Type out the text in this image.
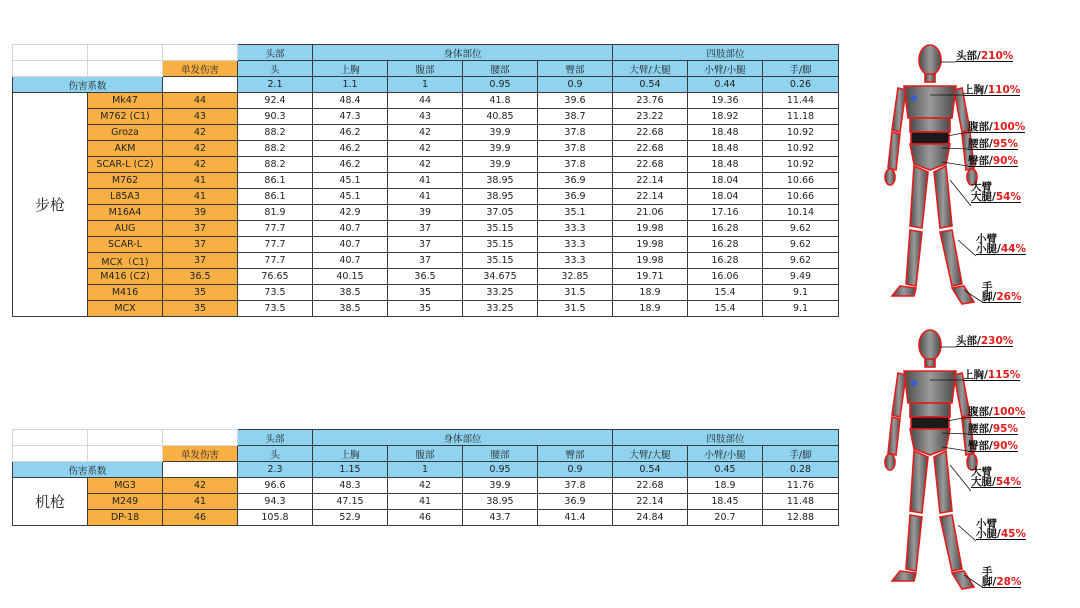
			头部	身体部位				四肢部位		
		单发伤害	头	上胸	腹部	腰部	臀部	大臂/大腿	小臂/小腿	手/脚
伤害系数			2.1	1.1	1	0.95	0.9	0.54	0.44	0.26
步枪	Mk47	44	92.4	48.4	44	41.8	39.6	23.76	19.36	11.44
	M762 (C1)	43	90.3	47.3	43	40.85	38.7	23.22	18.92	11.18
	Groza	42	88.2	46.2	42	39.9	37.8	22.68	18.48	10.92
	AKM	42	88.2	46.2	42	39.9	37.8	22.68	18.48	10.92
	SCAR-L (C2)	42	88.2	46.2	42	39.9	37.8	22.68	18.48	10.92
	M762	41	86.1	45.1	41	38.95	36.9	22.14	18.04	10.66
	L85A3	41	86.1	45.1	41	38.95	36.9	22.14	18.04	10.66
	M16A4	39	81.9	42.9	39	37.05	35.1	21.06	17.16	10.14
	AUG	37	77.7	40.7	37	35.15	33.3	19.98	16.28	9.62
	SCAR-L	37	77.7	40.7	37	35.15	33.3	19.98	16.28	9.62
	MCX（C1)	37	77.7	40.7	37	35.15	33.3	19.98	16.28	9.62
	M416 (C2)	36.5	76.65	40.15	36.5	34.675	32.85	19.71	16.06	9.49
	M416	35	73.5	38.5	35	33.25	31.5	18.9	15.4	9.1
	MCX	35	73.5	38.5	35	33.25	31.5	18.9	15.4	9.1
			头部	身体部位				四肢部位		
		单发伤害	头	上胸	腹部	腰部	臀部	大臂/大腿	小臂/小腿	手/脚
伤害系数			2.3	1.15	1	0.95	0.9	0.54	0.45	0.28
机枪	MG3	42	96.6	48.3	42	39.9	37.8	22.68	18.9	11.76
	M249	41	94.3	47.15	41	38.95	36.9	22.14	18.45	11.48
	DP-18	46	105.8	52.9	46	43.7	41.4	24.84	20.7	12.88
头部/210%
上胸/110%
腹部/100%
腰部/95%
臀部/90%
大臂
大腿/54%
小臂
小腿/44%
手
脚/26%
头部/230%
上胸/115%
腹部/100%
腰部/95%
臀部/90%
大臂
大腿/54%
小臂
小腿/45%
手
脚/28%
